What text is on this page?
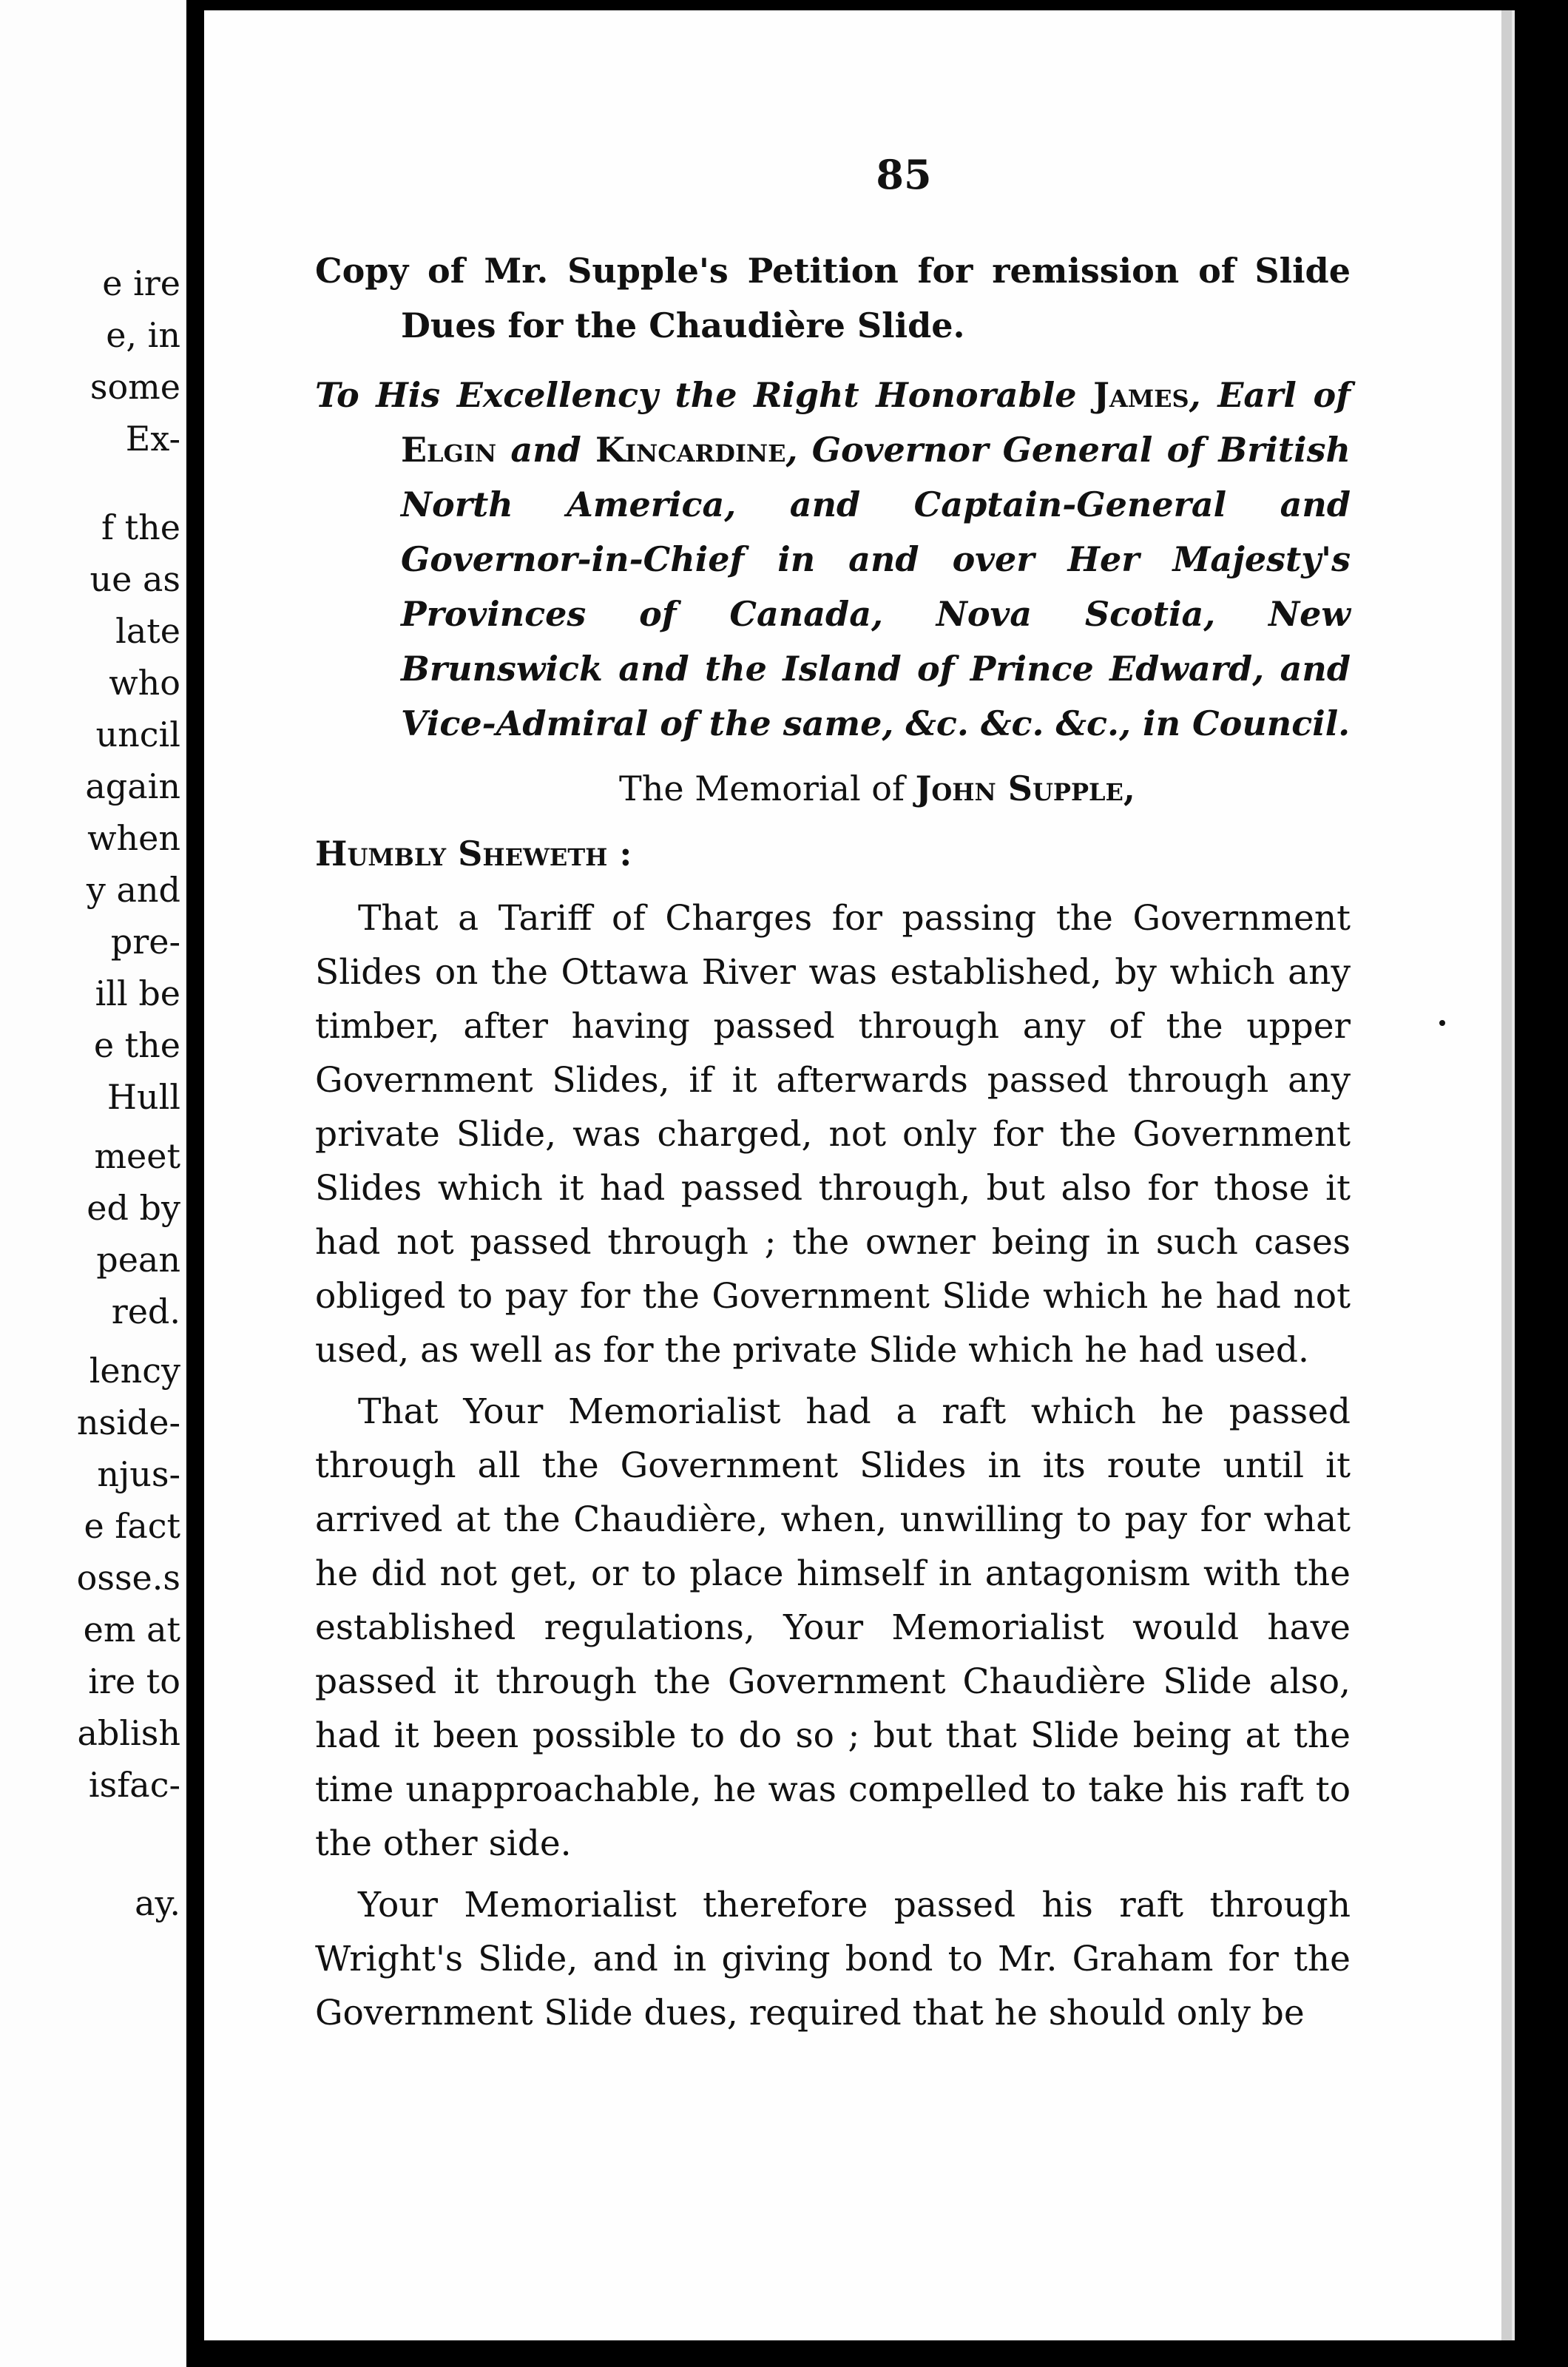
e ire
e, in
some
Ex-
f the
ue as
late
who
uncil
again
when
y and
pre-
ill be
e the
Hull
meet
ed by
pean
red.
lency
nside-
njus-
e fact
osse.s
em at
ire to
ablish
isfac-
ay.
85

Copy of Mr. Supple's Petition for remission of Slide Dues for the Chaudière Slide.

To His Excellency the Right Honorable James, Earl of Elgin and Kincardine, Governor General of British North America, and Captain-General and Governor-in-Chief in and over Her Majesty's Provinces of Canada, Nova Scotia, New Brunswick and the Island of Prince Edward, and Vice-Admiral of the same, &c. &c. &c., in Council.

The Memorial of John Supple,

Humbly Sheweth :

That a Tariff of Charges for passing the Government Slides on the Ottawa River was established, by which any timber, after having passed through any of the upper Government Slides, if it afterwards passed through any private Slide, was charged, not only for the Government Slides which it had passed through, but also for those it had not passed through ; the owner being in such cases obliged to pay for the Government Slide which he had not used, as well as for the private Slide which he had used.

That Your Memorialist had a raft which he passed through all the Government Slides in its route until it arrived at the Chaudière, when, unwilling to pay for what he did not get, or to place himself in antagonism with the established regulations, Your Memorialist would have passed it through the Government Chaudière Slide also, had it been possible to do so ; but that Slide being at the time unapproachable, he was compelled to take his raft to the other side.

Your Memorialist therefore passed his raft through Wright's Slide, and in giving bond to Mr. Graham for the Government Slide dues, required that he should only be
